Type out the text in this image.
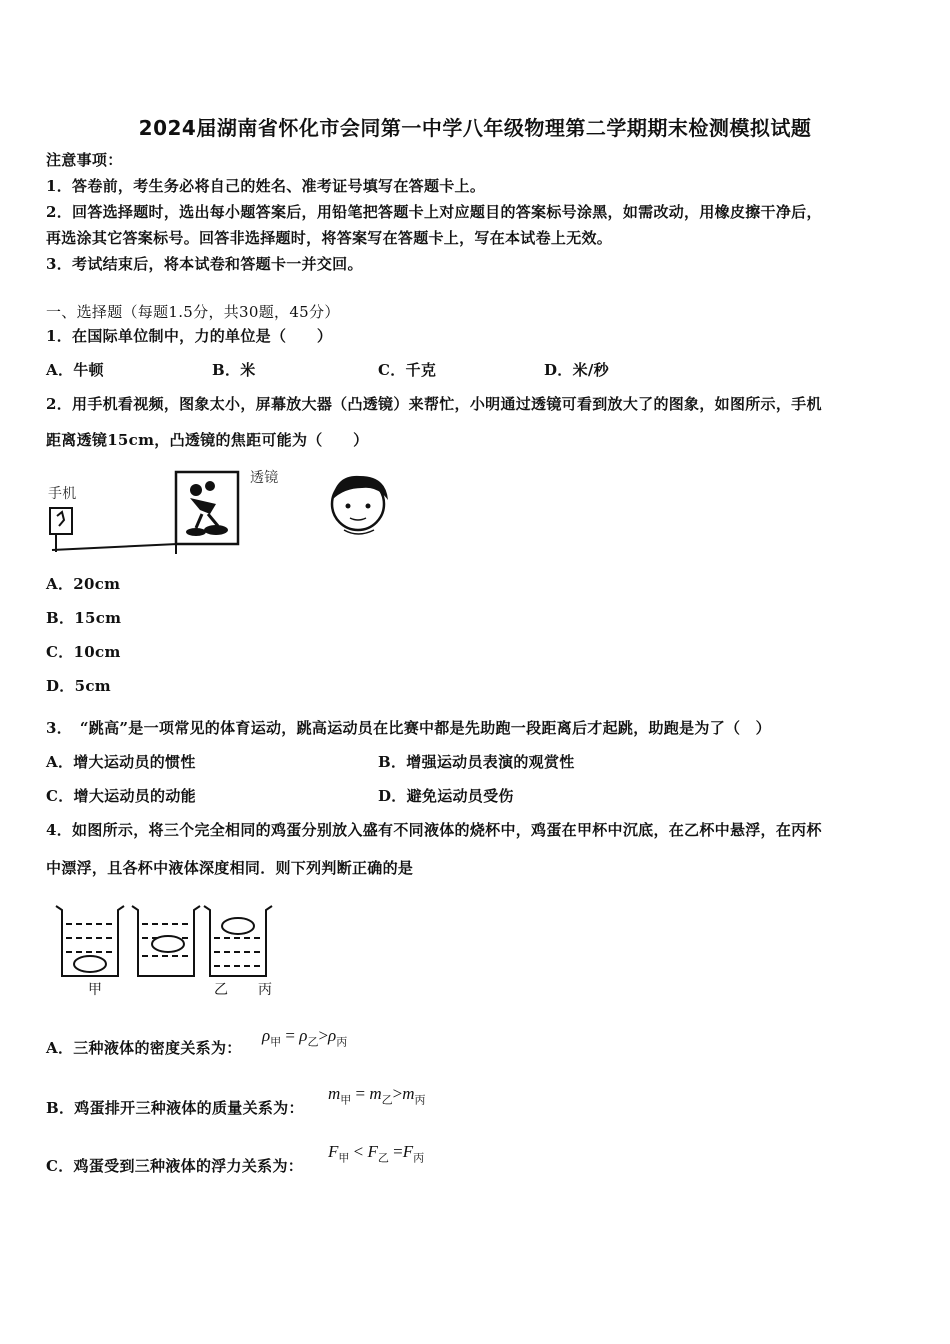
2024届湖南省怀化市会同第一中学八年级物理第二学期期末检测模拟试题
注意事项：
1．答卷前，考生务必将自己的姓名、准考证号填写在答题卡上。
2．回答选择题时，选出每小题答案后，用铅笔把答题卡上对应题目的答案标号涂黑，如需改动，用橡皮擦干净后，
再选涂其它答案标号。回答非选择题时，将答案写在答题卡上，写在本试卷上无效。
3．考试结束后，将本试卷和答题卡一并交回。
一、选择题（每题1.5分，共30题，45分）
1．在国际单位制中，力的单位是（　　）
A．牛顿	B．米	C．千克	D．米/秒
2．用手机看视频，图象太小，屏幕放大器（凸透镜）来帮忙，小明通过透镜可看到放大了的图象，如图所示，手机
距离透镜15cm，凸透镜的焦距可能为（　　）
手机
透镜
A．20cm
B．15cm
C．10cm
D．5cm
3．　“跳高”是一项常见的体育运动，跳高运动员在比赛中都是先助跑一段距离后才起跳，助跑是为了（　）
A．增大运动员的惯性	B．增强运动员表演的观赏性
C．增大运动员的动能	D．避免运动员受伤
4．如图所示，将三个完全相同的鸡蛋分别放入盛有不同液体的烧杯中，鸡蛋在甲杯中沉底，在乙杯中悬浮，在丙杯
中漂浮，且各杯中液体深度相同．则下列判断正确的是
甲	乙 丙
A．三种液体的密度关系为：
$\rho_甲 = \rho_乙>\rho_丙$
B．鸡蛋排开三种液体的质量关系为：
$m_甲 = m_乙>m_丙$
C．鸡蛋受到三种液体的浮力关系为：
$F_甲 < F_乙 =F_丙$
